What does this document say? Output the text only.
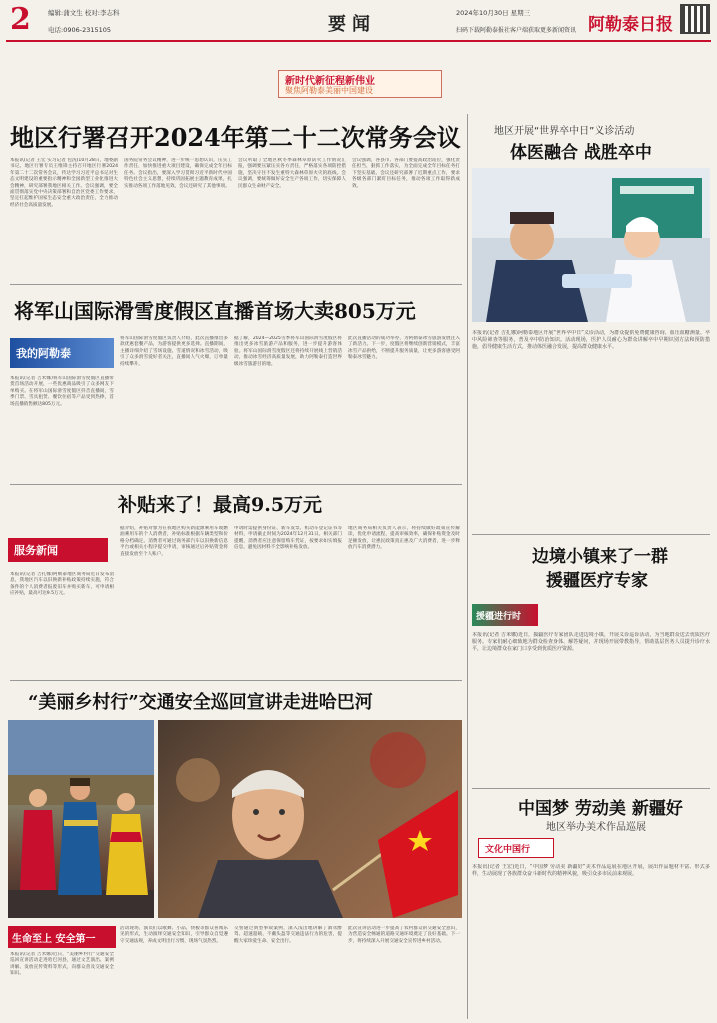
2	编辑:蒲文生 校对:李志科
电话:0906-2315105	要闻
2024年10月30日 星期三
扫码下载阿勒泰报社客户端获取更多新闻资讯 阿勒泰日报
新时代新征程新伟业
聚焦阿勒泰美丽中国建设
地区行署召开2024年第二十二次常务会议
本报讯(记者 王宏 实习记者 包洗)10月28日，地委副书记、地区行署专员王维锋主持召开地区行署2024年第二十二次常务会议，传达学习习近平总书记对生态文明建设的重要指示精神和全国新型工业化推进大会精神，研究部署我地区相关工作。会议强调，要全面贯彻落实党中央决策部署和自治区党委工作要求，坚定扛起维护国家生态安全重大政治责任，全力推动经济社会高质量发展。
国务院常务会议精神，进一步统一思想认识，压实工作责任，加快推进重大项目建设，确保完成全年目标任务。会议指出，要深入学习贯彻习近平新时代中国特色社会主义思想，持续巩固拓展主题教育成果，扎实推动各项工作落地见效。会议还研究了其他事项。
会议听取了全地区秋冬季森林草原防火工作情况汇报，强调要压紧压实各方责任，严格落实各项防控措施，坚决守住不发生重特大森林草原火灾的底线。会议强调，要统筹做好安全生产各项工作，切实保障人民群众生命财产安全。
会议强调，各县市、各部门要提高政治站位，强化责任担当，狠抓工作落实，为全面完成全年目标任务打下坚实基础。会议还研究部署了近期重点工作，要求各级各部门紧盯目标任务，推动各项工作取得新成效。
将军山国际滑雪度假区直播首场大卖805万元
我的阿勒泰
本报讯(记者 吉米娜)将军山国际滑雪度假区直播带货首场活动开展，一些优惠商品吸引了众多网友下单购买。在将军山国际滑雪度假区抖音直播间，雪季门票、雪具租赁、餐饮住宿等产品受到热捧，首场直播销售额达805万元。
将军山国际滑雪度假区负责人介绍，此次直播推出多款优惠套餐产品，为游客提供更多选择。直播期间，主播详细介绍了雪场设施、雪道情况和冰雪活动，吸引了众多滑雪爱好者关注，直播间人气火爆，订单量持续攀升。
据了解，2024—2025雪季将军山国际滑雪度假区将推出更多冰雪旅游产品和服务，进一步提升游客体验。将军山国际滑雪度假区还将持续开展线上营销活动，推动冰雪经济高质量发展，助力阿勒泰打造世界级冰雪旅游目的地。
此次直播活动的成功举办，为阿勒泰冰雪旅游发展注入了新活力。下一步，度假区将继续创新营销模式，丰富冰雪产品供给，不断提升服务质量，让更多游客感受阿勒泰冰雪魅力。
补贴来了！最高9.5万元
服务新闻
本报讯(记者 吉扎娜)阿勒泰地区商务局近日发布消息，我地区汽车以旧换新补贴政策持续实施，符合条件的个人消费者报废旧车并购买新车，可申请相应补贴，最高可达9.5万元。
据介绍，补贴对象为在我地区购买新能源乘用车或燃油乘用车的个人消费者，补贴标准根据车辆类型和价格分档确定。消费者可通过商务部汽车以旧换新信息平台或相关小程序提交申请，审核通过后补贴资金将直接发放至个人账户。
申请时需提供身份证、新车发票、机动车登记证书等材料，申请截止时间为2024年12月31日。相关部门提醒，消费者应注意保留购车凭证，按要求如实填报信息，避免因材料不全影响补贴发放。
地区商务局相关负责人表示，将持续做好政策宣传解读，优化申请流程，提高审核效率，确保补贴资金及时足额发放，让惠民政策真正惠及广大消费者，进一步释放汽车消费潜力。
“美丽乡村行”交通安全巡回宣讲走进哈巴河
生命至上 安全第一
本报讯(记者 吉米娜)近日，“美丽乡村行”交通安全巡回宣讲活动走进哈巴河县，通过文艺演出、案例讲解、发放宣传资料等形式，向群众普及交通安全知识。
活动现场，演员们以歌舞、小品、快板等群众喜闻乐见的形式，生动演绎交通安全知识，引导群众自觉遵守交通法规，养成文明出行习惯，现场气氛热烈。
交警通过典型事故案例，深入浅出地讲解了酒驾醉驾、超速超载、不戴头盔等交通违法行为的危害，提醒大家珍爱生命、安全出行。
此次宣讲活动进一步提高了农村群众的交通安全意识，为营造安全畅通的道路交通环境奠定了良好基础。下一步，将持续深入开展交通安全宣传进乡村活动。
地区开展“世界卒中日”义诊活动
体医融合 战胜卒中
本报讯(记者 吉扎娜)阿勒泰地区开展“世界卒中日”义诊活动，为群众提供免费健康咨询、血压血糖测量、卒中风险筛查等服务，普及卒中防治知识。活动现场，医护人员耐心为群众讲解卒中早期识别方法和预防措施，倡导健康生活方式，推动体医融合发展，提高群众健康水平。
边境小镇来了一群
援疆医疗专家
援疆进行时
本报讯(记者 吉米娜)近日，援疆医疗专家团队走进边境小镇，开展义诊巡诊活动，为当地群众送去优质医疗服务。专家们耐心细致地为群众检查身体、解答疑问，并现场开展带教指导，帮助基层医务人员提升诊疗水平，让边境群众在家门口享受到优质医疗资源。
中国梦 劳动美 新疆好
地区举办美术作品巡展
文化中国行
本报讯(记者 王宏)近日，“中国梦 劳动美 新疆好”美术作品巡展在地区开展，展出作品题材丰富、形式多样，生动展现了各族群众奋斗新时代的精神风貌，吸引众多市民前来观展。
